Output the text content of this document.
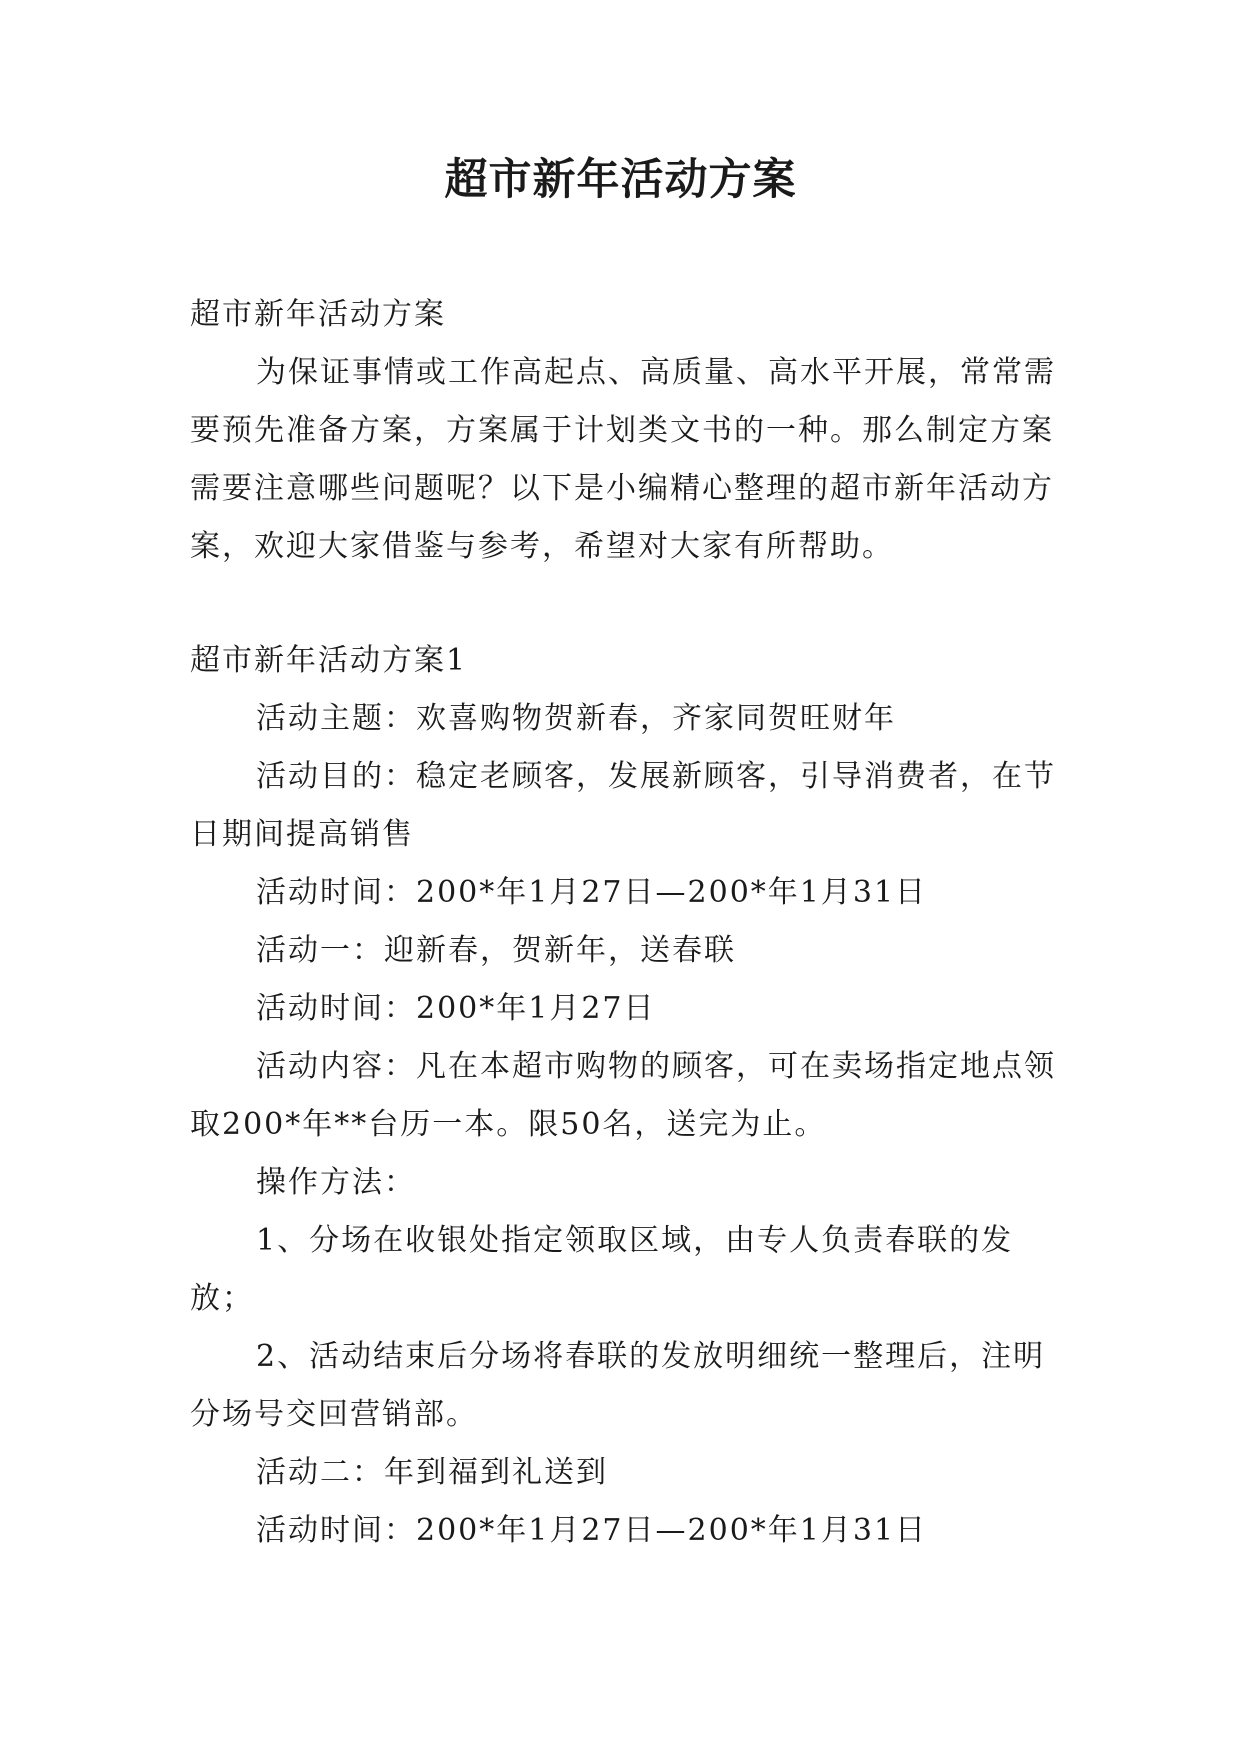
超市新年活动方案

超市新年活动方案

为保证事情或工作高起点、高质量、高水平开展，常常需要预先准备方案，方案属于计划类文书的一种。那么制定方案需要注意哪些问题呢？以下是小编精心整理的超市新年活动方案，欢迎大家借鉴与参考，希望对大家有所帮助。

超市新年活动方案1

活动主题：欢喜购物贺新春，齐家同贺旺财年

活动目的：稳定老顾客，发展新顾客，引导消费者，在节日期间提高销售

活动时间：200*年1月27日—200*年1月31日

活动一：迎新春，贺新年，送春联

活动时间：200*年1月27日

活动内容：凡在本超市购物的顾客，可在卖场指定地点领取200*年**台历一本。限50名，送完为止。

操作方法：

1、分场在收银处指定领取区域，由专人负责春联的发放；

2、活动结束后分场将春联的发放明细统一整理后，注明分场号交回营销部。

活动二：年到福到礼送到

活动时间：200*年1月27日—200*年1月31日
